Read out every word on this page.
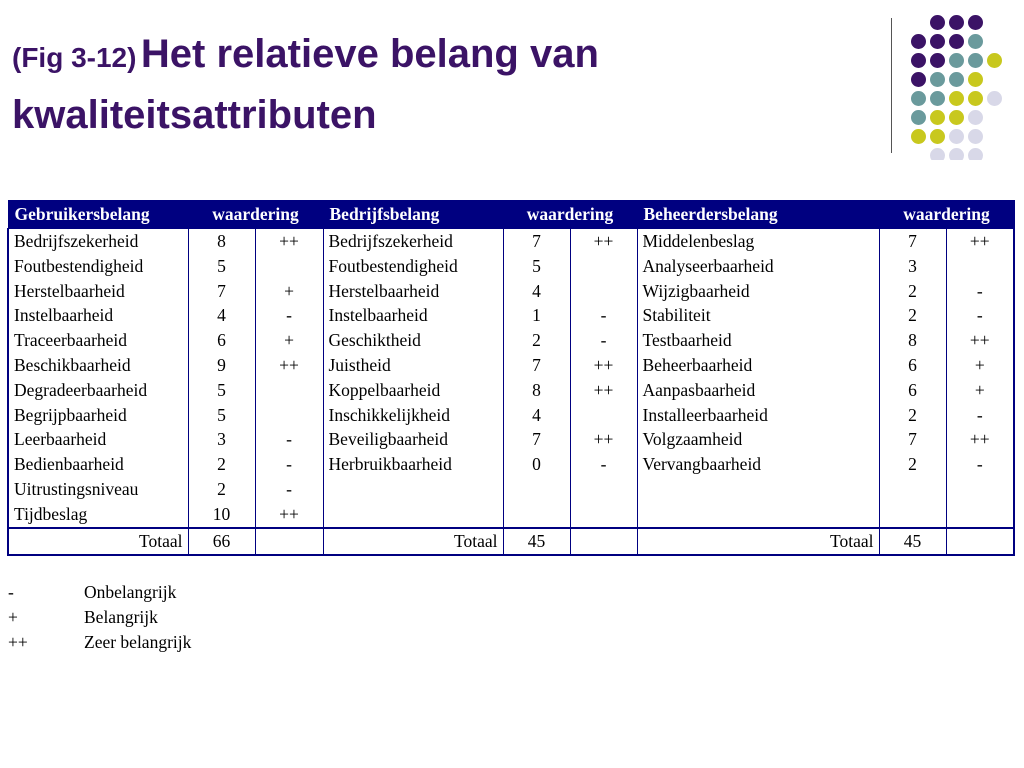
(Fig 3-12) Het relatieve belang van
kwaliteitsattributen
Gebruikersbelang	waardering		Bedrijfsbelang	waardering		Beheerdersbelang	waardering	
Bedrijfszekerheid	8	++	Bedrijfszekerheid	7	++	Middelenbeslag	7	++
Foutbestendigheid	5		Foutbestendigheid	5		Analyseerbaarheid	3	
Herstelbaarheid	7	+	Herstelbaarheid	4		Wijzigbaarheid	2	-
Instelbaarheid	4	-	Instelbaarheid	1	-	Stabiliteit	2	-
Traceerbaarheid	6	+	Geschiktheid	2	-	Testbaarheid	8	++
Beschikbaarheid	9	++	Juistheid	7	++	Beheerbaarheid	6	+
Degradeerbaarheid	5		Koppelbaarheid	8	++	Aanpasbaarheid	6	+
Begrijpbaarheid	5		Inschikkelijkheid	4		Installeerbaarheid	2	-
Leerbaarheid	3	-	Beveiligbaarheid	7	++	Volgzaamheid	7	++
Bedienbaarheid	2	-	Herbruikbaarheid	0	-	Vervangbaarheid	2	-
Uitrustingsniveau	2	-						
Tijdbeslag	10	++						
Totaal	66		Totaal	45		Totaal	45	
-	Onbelangrijk
+	Belangrijk
++	Zeer belangrijk
